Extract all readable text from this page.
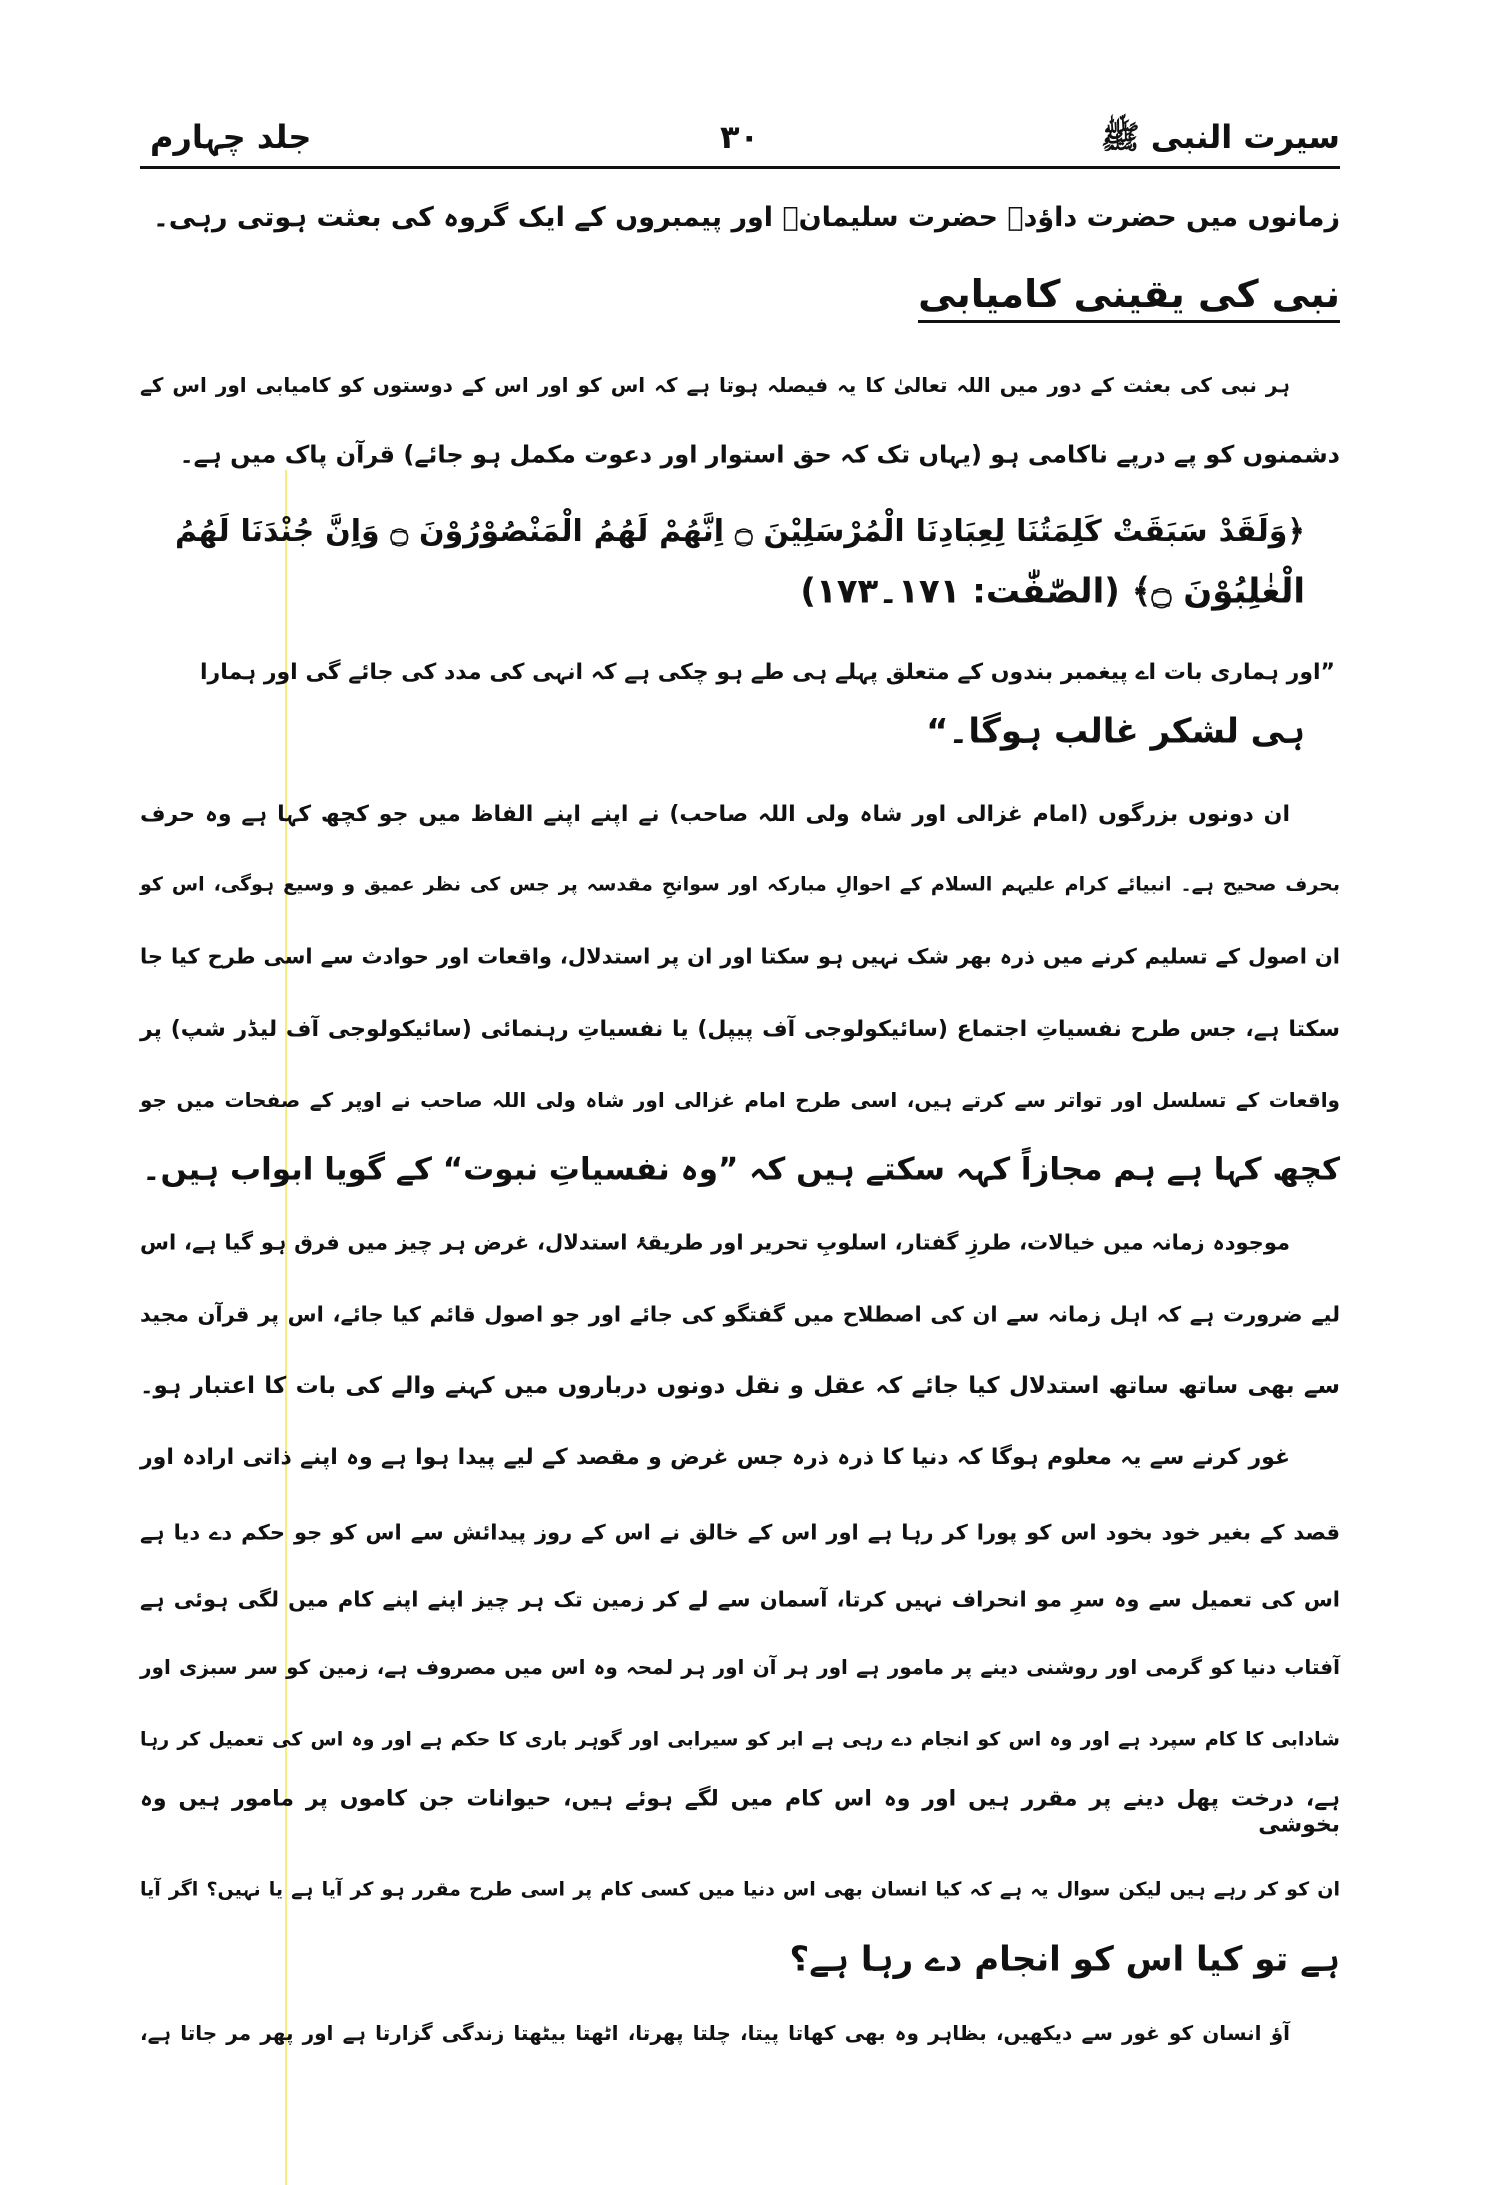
سیرت النبی ﷺ
۳۰
جلد چہارم
زمانوں میں حضرت داؤدؑ حضرت سلیمانؑ اور پیمبروں کے ایک گروہ کی بعثت ہوتی رہی۔
نبی کی یقینی کامیابی
ہر نبی کی بعثت کے دور میں اللہ تعالیٰ کا یہ فیصلہ ہوتا ہے کہ اس کو اور اس کے دوستوں کو کامیابی اور اس کے
دشمنوں کو پے درپے ناکامی ہو (یہاں تک کہ حق استوار اور دعوت مکمل ہو جائے) قرآن پاک میں ہے۔
﴿وَلَقَدْ سَبَقَتْ كَلِمَتُنَا لِعِبَادِنَا الْمُرْسَلِيْنَ ۝ اِنَّهُمْ لَهُمُ الْمَنْصُوْرُوْنَ ۝ وَاِنَّ جُنْدَنَا لَهُمُ
الْغٰلِبُوْنَ ۝﴾ (الصّٰفّٰت: ۱۷۱۔۱۷۳)
”اور ہماری بات اے پیغمبر بندوں کے متعلق پہلے ہی طے ہو چکی ہے کہ انہی کی مدد کی جائے گی اور ہمارا
ہی لشکر غالب ہوگا۔“
ان دونوں بزرگوں (امام غزالی اور شاہ ولی اللہ صاحب) نے اپنے اپنے الفاظ میں جو کچھ کہا ہے وہ حرف
بحرف صحیح ہے۔ انبیائے کرام علیہم السلام کے احوالِ مبارکہ اور سوانحِ مقدسہ پر جس کی نظر عمیق و وسیع ہوگی، اس کو
ان اصول کے تسلیم کرنے میں ذرہ بھر شک نہیں ہو سکتا اور ان پر استدلال، واقعات اور حوادث سے اسی طرح کیا جا
سکتا ہے، جس طرح نفسیاتِ اجتماع (سائیکولوجی آف پیپل) یا نفسیاتِ رہنمائی (سائیکولوجی آف لیڈر شپ) پر
واقعات کے تسلسل اور تواتر سے کرتے ہیں، اسی طرح امام غزالی اور شاہ ولی اللہ صاحب نے اوپر کے صفحات میں جو
کچھ کہا ہے ہم مجازاً کہہ سکتے ہیں کہ ”وہ نفسیاتِ نبوت“ کے گویا ابواب ہیں۔
موجودہ زمانہ میں خیالات، طرزِ گفتار، اسلوبِ تحریر اور طریقۂ استدلال، غرض ہر چیز میں فرق ہو گیا ہے، اس
لیے ضرورت ہے کہ اہل زمانہ سے ان کی اصطلاح میں گفتگو کی جائے اور جو اصول قائم کیا جائے، اس پر قرآن مجید
سے بھی ساتھ ساتھ استدلال کیا جائے کہ عقل و نقل دونوں درباروں میں کہنے والے کی بات کا اعتبار ہو۔
غور کرنے سے یہ معلوم ہوگا کہ دنیا کا ذرہ ذرہ جس غرض و مقصد کے لیے پیدا ہوا ہے وہ اپنے ذاتی ارادہ اور
قصد کے بغیر خود بخود اس کو پورا کر رہا ہے اور اس کے خالق نے اس کے روز پیدائش سے اس کو جو حکم دے دیا ہے
اس کی تعمیل سے وہ سرِ مو انحراف نہیں کرتا، آسمان سے لے کر زمین تک ہر چیز اپنے اپنے کام میں لگی ہوئی ہے
آفتاب دنیا کو گرمی اور روشنی دینے پر مامور ہے اور ہر آن اور ہر لمحہ وہ اس میں مصروف ہے، زمین کو سر سبزی اور
شادابی کا کام سپرد ہے اور وہ اس کو انجام دے رہی ہے ابر کو سیرابی اور گوہر باری کا حکم ہے اور وہ اس کی تعمیل کر رہا
ہے، درخت پھل دینے پر مقرر ہیں اور وہ اس کام میں لگے ہوئے ہیں، حیوانات جن کاموں پر مامور ہیں وہ بخوشی
ان کو کر رہے ہیں لیکن سوال یہ ہے کہ کیا انسان بھی اس دنیا میں کسی کام پر اسی طرح مقرر ہو کر آیا ہے یا نہیں؟ اگر آیا
ہے تو کیا اس کو انجام دے رہا ہے؟
آؤ انسان کو غور سے دیکھیں، بظاہر وہ بھی کھاتا پیتا، چلتا پھرتا، اٹھتا بیٹھتا زندگی گزارتا ہے اور پھر مر جاتا ہے،
